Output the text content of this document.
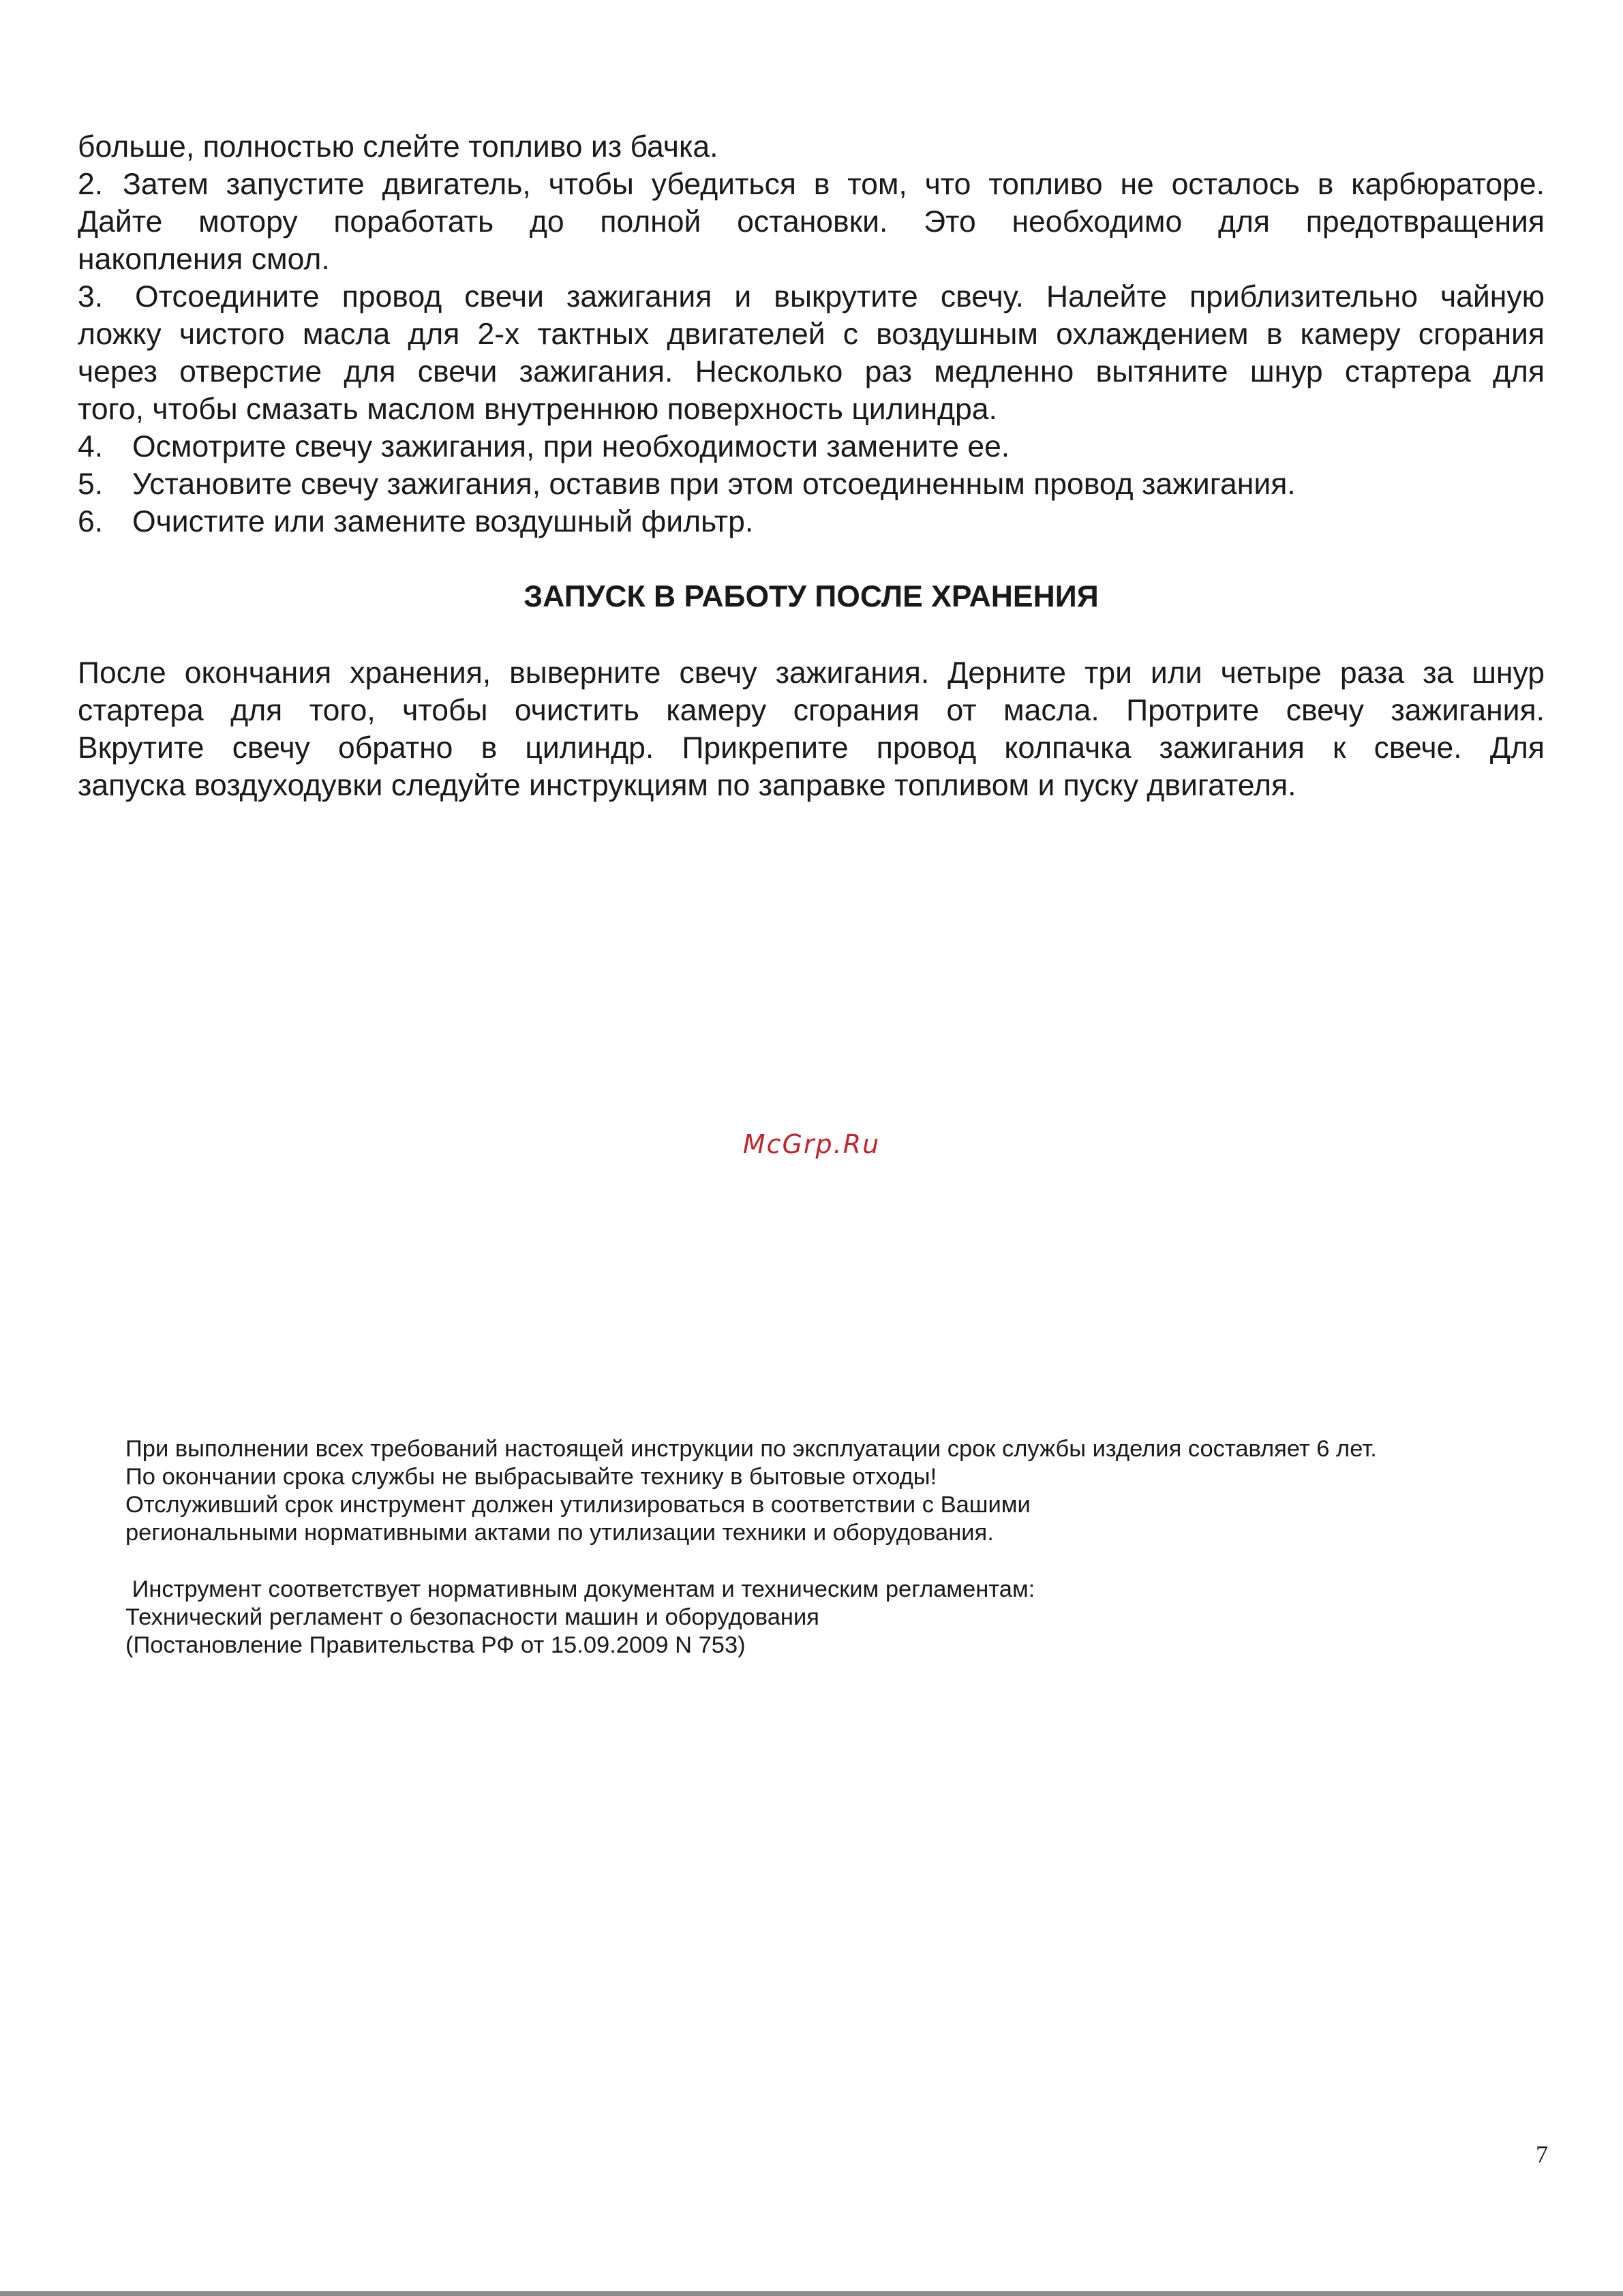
больше, полностью слейте топливо из бачка.
2. Затем запустите двигатель, чтобы убедиться в том, что топливо не осталось в карбюраторе.
Дайте мотору поработать до полной остановки. Это необходимо для предотвращения
накопления смол.
3. Отсоедините провод свечи зажигания и выкрутите свечу. Налейте приблизительно чайную
ложку чистого масла для 2-х тактных двигателей с воздушным охлаждением в камеру сгорания
через отверстие для свечи зажигания. Несколько раз медленно вытяните шнур стартера для
того, чтобы смазать маслом внутреннюю поверхность цилиндра.
4. Осмотрите свечу зажигания, при необходимости замените ее.
5. Установите свечу зажигания, оставив при этом отсоединенным провод зажигания.
6. Очистите или замените воздушный фильтр.
ЗАПУСК В РАБОТУ ПОСЛЕ ХРАНЕНИЯ
После окончания хранения, выверните свечу зажигания. Дерните три или четыре раза за шнур
стартера для того, чтобы очистить камеру сгорания от масла. Протрите свечу зажигания.
Вкрутите свечу обратно в цилиндр. Прикрепите провод колпачка зажигания к свече. Для
запуска воздуходувки следуйте инструкциям по заправке топливом и пуску двигателя.

McGrp.Ru

При выполнении всех требований настоящей инструкции по эксплуатации срок службы изделия составляет 6 лет.
По окончании срока службы не выбрасывайте технику в бытовые отходы!
Отслуживший срок инструмент должен утилизироваться в соответствии с Вашими
региональными нормативными актами по утилизации техники и оборудования.
Инструмент соответствует нормативным документам и техническим регламентам:
Технический регламент о безопасности машин и оборудования
(Постановление Правительства РФ от 15.09.2009 N 753)

7
